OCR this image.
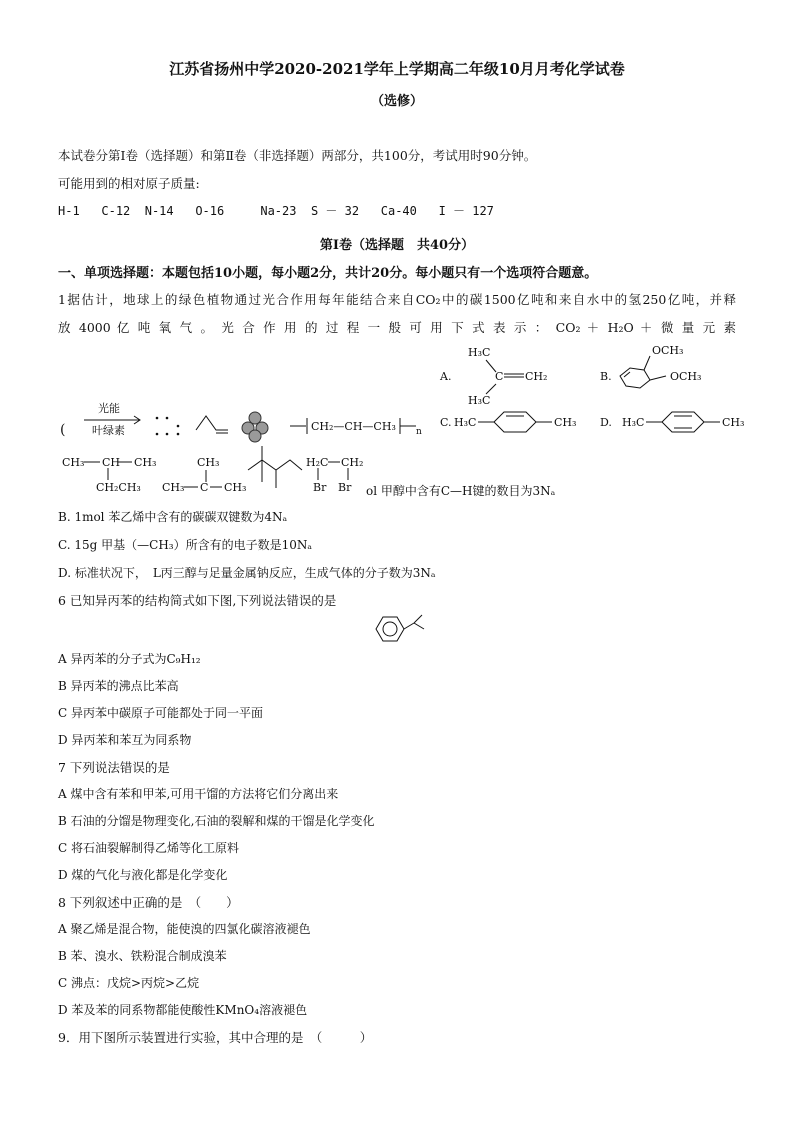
江苏省扬州中学2020-2021学年上学期高二年级10月月考化学试卷
（选修）
本试卷分第Ⅰ卷（选择题）和第Ⅱ卷（非选择题）两部分，共100分，考试用时90分钟。
可能用到的相对原子质量:
H-1 C-12 N-14 O-16	Na-23 S － 32 Ca-40 I － 127
第Ⅰ卷（选择题　共40分）
一、单项选择题：本题包括10小题，每小题2分，共计20分。每小题只有一个选项符合题意。
1据估计，地球上的绿色植物通过光合作用每年能结合来自CO₂中的碳1500亿吨和来自水中的氢250亿吨，并释
放 4000 亿 吨 氧 气 。 光 合 作 用 的 过 程 一 般 可 用 下 式 表 示 ： CO₂ ＋ H₂O ＋ 微 量 元 素
(
光能
叶绿素	CH₂—CH—CH₃ n
A.
H₃C
C CH₂
H₃C
B.
OCH₃
OCH₃
C. H₃C	CH₃ D. H₃C	CH₃
CH₃ CH CH₃
CH₂CH₃
CH₃
CH₃ C CH₃
H₂C CH₂
Br Br ol 甲醇中含有C—H键的数目为3Nₐ
B. 1mol 苯乙烯中含有的碳碳双键数为4Nₐ
C. 15g 甲基（—CH₃）所含有的电子数是10Nₐ
D. 标准状况下，　L丙三醇与足量金属钠反应，生成气体的分子数为3Nₐ
6 已知异丙苯的结构简式如下图,下列说法错误的是
A 异丙苯的分子式为C₉H₁₂
B 异丙苯的沸点比苯高
C 异丙苯中碳原子可能都处于同一平面
D 异丙苯和苯互为同系物
7 下列说法错误的是
A 煤中含有苯和甲苯,可用干馏的方法将它们分离出来
B 石油的分馏是物理变化,石油的裂解和煤的干馏是化学变化
C 将石油裂解制得乙烯等化工原料
D 煤的气化与液化都是化学变化
8 下列叙述中正确的是　（　　）
A 聚乙烯是混合物，能使溴的四氯化碳溶液褪色
B 苯、溴水、铁粉混合制成溴苯
C 沸点：戊烷>丙烷>乙烷
D 苯及苯的同系物都能使酸性KMnO₄溶液褪色
9．用下图所示装置进行实验，其中合理的是　（　　　）
